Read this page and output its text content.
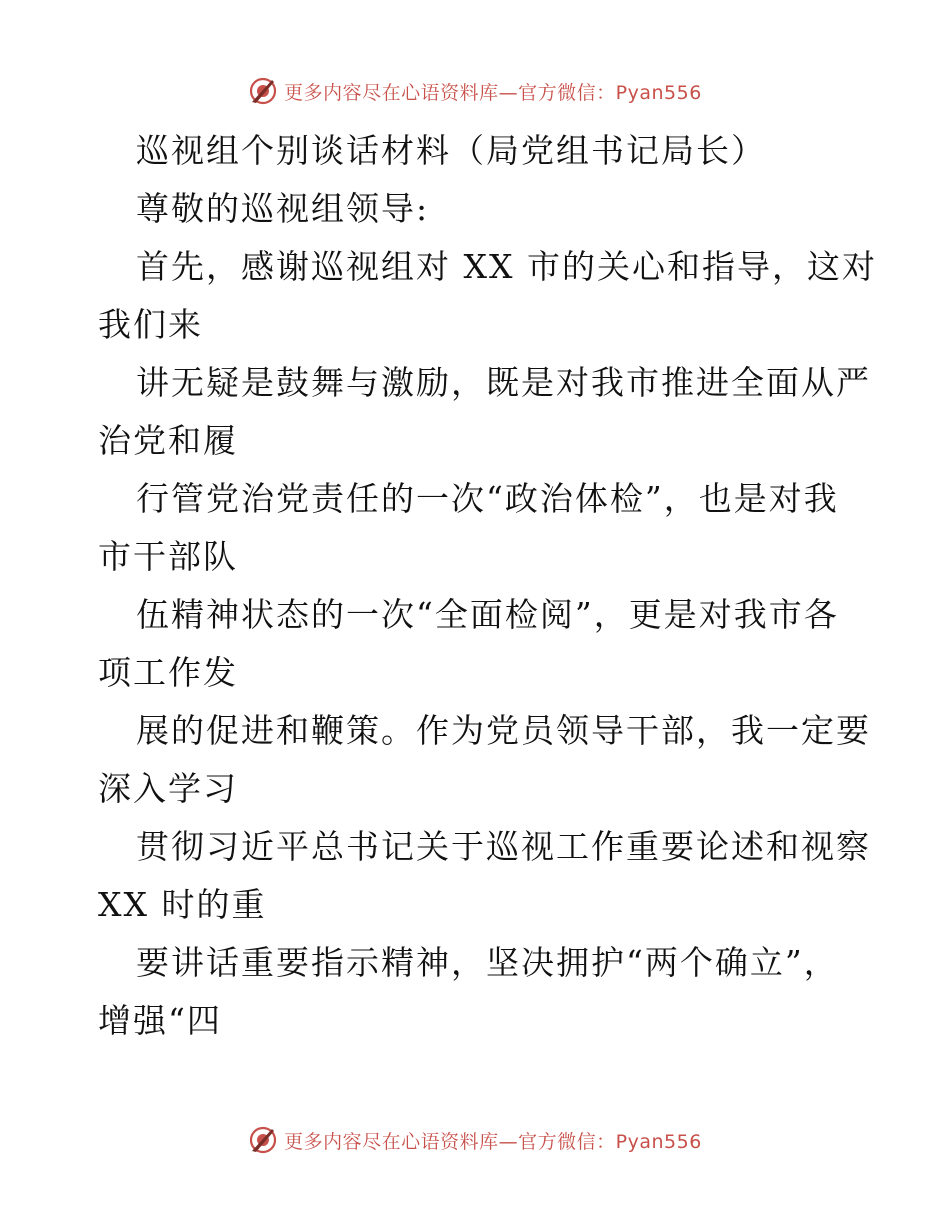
更多内容尽在心语资料库—官方微信：Pyan556
巡视组个别谈话材料（局党组书记局长）
尊敬的巡视组领导:
首先，感谢巡视组对 XX 市的关心和指导，这对
我们来
讲无疑是鼓舞与激励，既是对我市推进全面从严
治党和履
行管党治党责任的一次“政治体检”，也是对我
市干部队
伍精神状态的一次“全面检阅”，更是对我市各
项工作发
展的促进和鞭策。作为党员领导干部，我一定要
深入学习
贯彻习近平总书记关于巡视工作重要论述和视察
XX 时的重
要讲话重要指示精神，坚决拥护“两个确立”，
增强“四
更多内容尽在心语资料库—官方微信：Pyan556
